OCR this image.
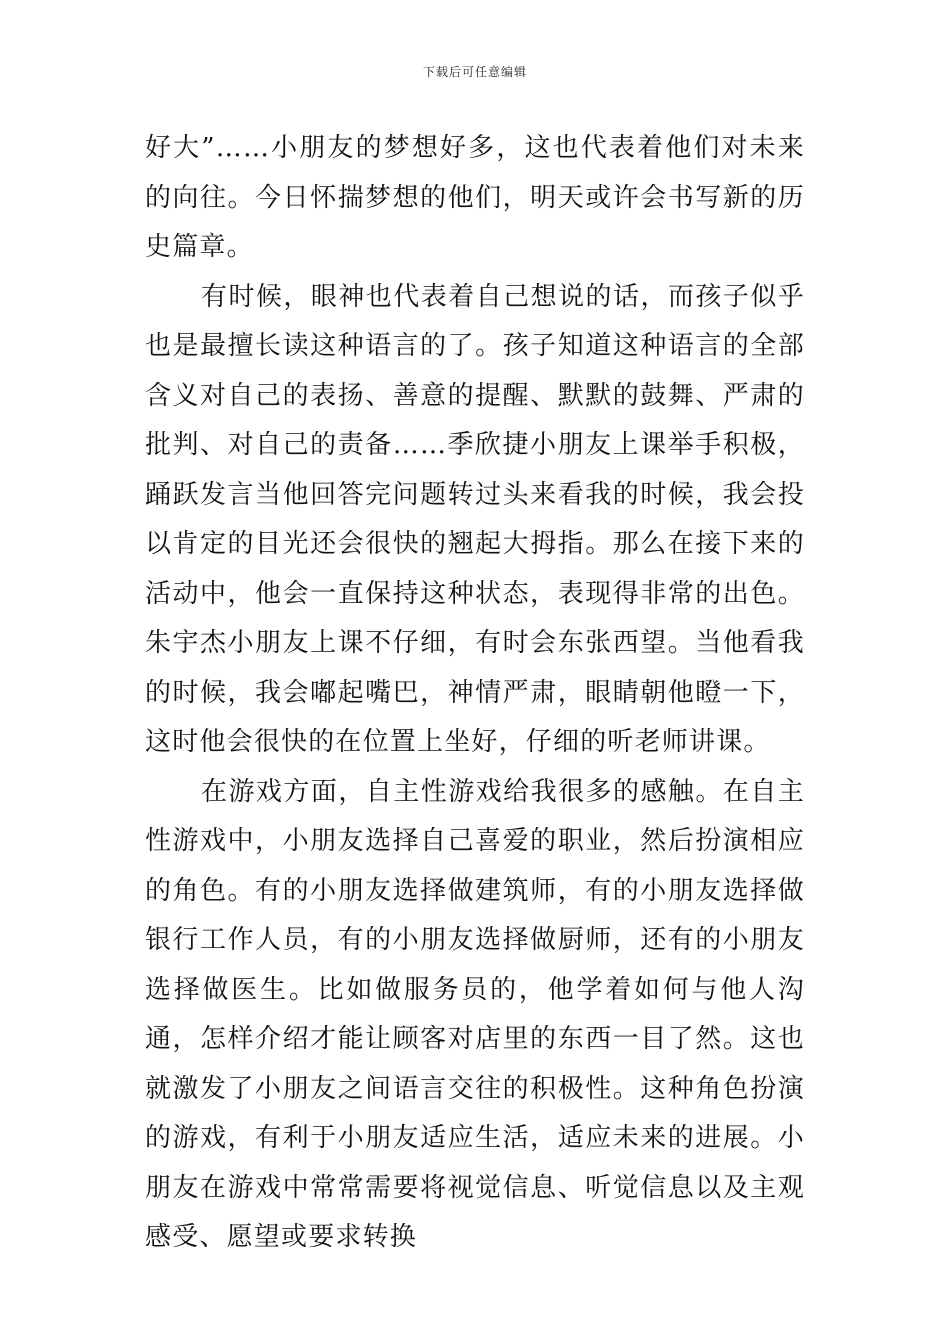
下载后可任意编辑

好大”……小朋友的梦想好多，这也代表着他们对未来的向往。今日怀揣梦想的他们，明天或许会书写新的历史篇章。

有时候，眼神也代表着自己想说的话，而孩子似乎也是最擅长读这种语言的了。孩子知道这种语言的全部含义对自己的表扬、善意的提醒、默默的鼓舞、严肃的批判、对自己的责备……季欣捷小朋友上课举手积极，踊跃发言当他回答完问题转过头来看我的时候，我会投以肯定的目光还会很快的翘起大拇指。那么在接下来的活动中，他会一直保持这种状态，表现得非常的出色。朱宇杰小朋友上课不仔细，有时会东张西望。当他看我的时候，我会嘟起嘴巴，神情严肃，眼睛朝他瞪一下，这时他会很快的在位置上坐好，仔细的听老师讲课。

在游戏方面，自主性游戏给我很多的感触。在自主性游戏中，小朋友选择自己喜爱的职业，然后扮演相应的角色。有的小朋友选择做建筑师，有的小朋友选择做银行工作人员，有的小朋友选择做厨师，还有的小朋友选择做医生。比如做服务员的，他学着如何与他人沟通，怎样介绍才能让顾客对店里的东西一目了然。这也就激发了小朋友之间语言交往的积极性。这种角色扮演的游戏，有利于小朋友适应生活，适应未来的进展。小朋友在游戏中常常需要将视觉信息、听觉信息以及主观感受、愿望或要求转换
